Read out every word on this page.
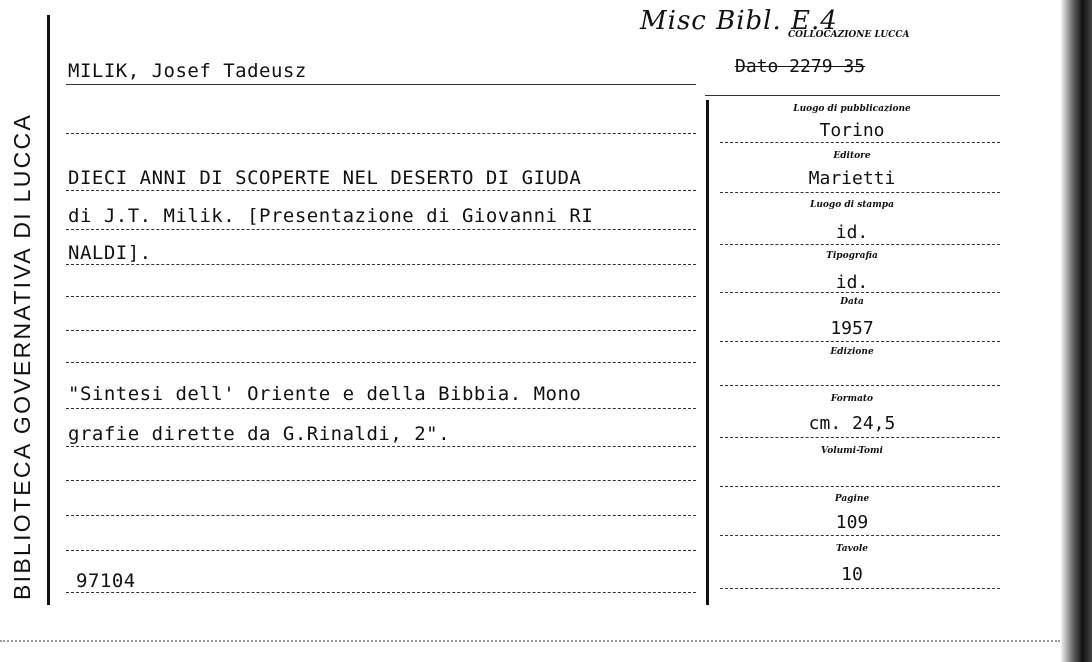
BIBLIOTECA GOVERNATIVA DI LUCCA
Misc Bibl. E.4
COLLOCAZIONE LUCCA
Dato 2279 35
MILIK, Josef Tadeusz
DIECI ANNI DI SCOPERTE NEL DESERTO DI GIUDA
di J.T. Milik. [Presentazione di Giovanni RI
NALDI].
"Sintesi dell' Oriente e della Bibbia. Mono
grafie dirette da G.Rinaldi, 2".
97104
Luogo di pubblicazione
Torino
Editore
Marietti
Luogo di stampa
id.
Tipografia
id.
Data
1957
Edizione
Formato
cm. 24,5
Volumi-Tomi
Pagine
109
Tavole
10
